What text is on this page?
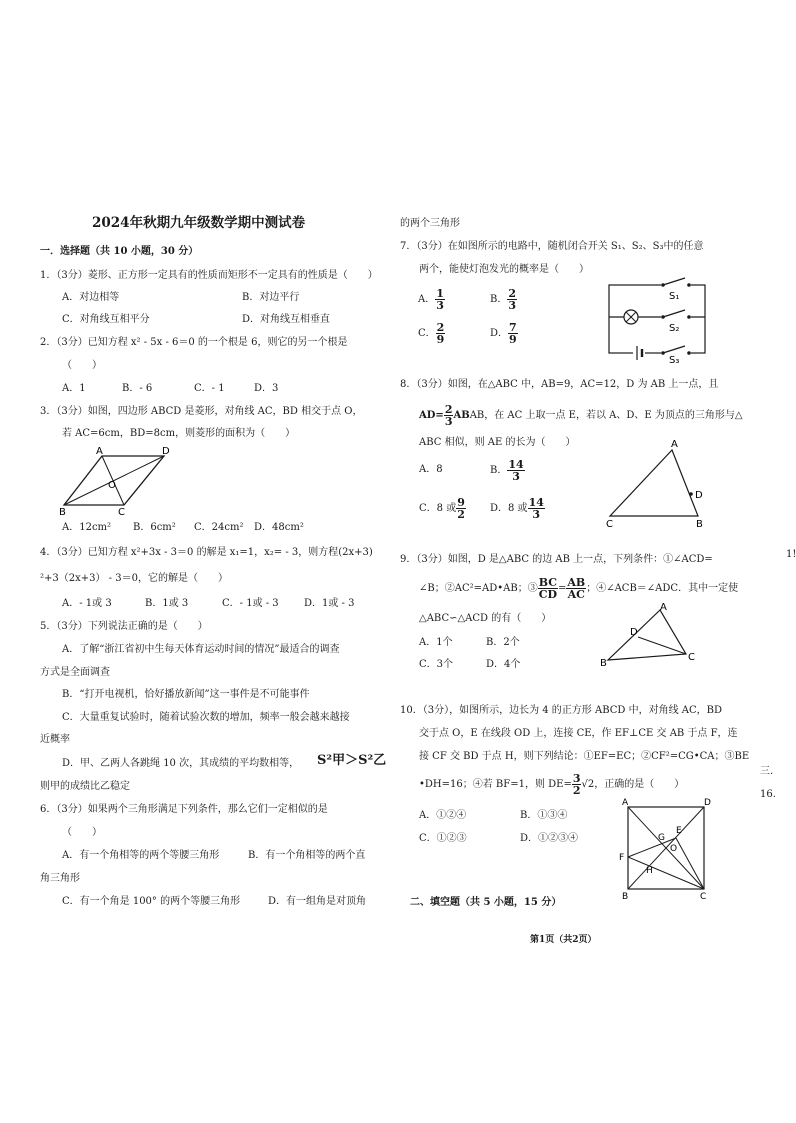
2024年秋期九年级数学期中测试卷
一．选择题（共 10 小题，30 分）
1．（3分）菱形、正方形一定具有的性质而矩形不一定具有的性质是（　　）
A．对边相等	B．对边平行
C．对角线互相平分	D．对角线互相垂直
2．（3分）已知方程 x² - 5x - 6＝0 的一个根是 6，则它的另一个根是
（　　）
A．1	B．- 6	C．- 1	D．3
3．（3分）如图，四边形 ABCD 是菱形，对角线 AC，BD 相交于点 O，
若 AC=6cm，BD=8cm，则菱形的面积为（　　）
A	D
O
B	C
A．12cm² B．6cm² C．24cm² D．48cm²
4．（3分）已知方程 x²+3x - 3＝0 的解是 x₁=1，x₂= - 3，则方程(2x+3)
²+3（2x+3） - 3＝0，它的解是（　　）
A．- 1或 3	B．1或 3	C．- 1或 - 3	D．1或 - 3
5．（3分）下列说法正确的是（　　）
A．了解“浙江省初中生每天体育运动时间的情况”最适合的调查
方式是全面调查
B．“打开电视机，恰好播放新闻”这一事件是不可能事件
C．大量重复试验时，随着试验次数的增加，频率一般会越来越接
近概率
D．甲、乙两人各跳绳 10 次，其成绩的平均数相等， S²甲＞S²乙
则甲的成绩比乙稳定
6．（3分）如果两个三角形满足下列条件，那么它们一定相似的是
（　　）
A．有一个角相等的两个等腰三角形	B．有一个角相等的两个直
角三角形
C．有一个角是 100° 的两个等腰三角形	D．有一组角是对顶角
的两个三角形
7．（3分）在如图所示的电路中，随机闭合开关 S₁、S₂、S₃中的任意
两个，能使灯泡发光的概率是（　　）
A． $\frac{1}{3}$	B． $\frac{2}{3}$
C． $\frac{2}{9}$	D． $\frac{7}{9}$
S₁
S₂
S₃
8．（3分）如图，在△ABC 中，AB=9，AC=12，D 为 AB 上一点，且
$AD= \frac{2}{3}$ ABAB，在 AC 上取一点 E，若以 A、D、E 为顶点的三角形与△
ABC 相似，则 AE 的长为（　　）
A．8	B． $\frac{14}{3}$
C．8 或 $\frac{9}{2}$ D．8 或 $\frac{14}{3}$
A
D
C	B
9．（3分）如图，D 是△ABC 的边 AB 上一点，下列条件：①∠ACD=
∠B；②AC²=AD•AB；③ $\frac{BC}{CD} = \frac{AB}{AC}$ ；④∠ACB＝∠ADC．其中一定使
△ABC∽△ACD 的有（　　）
A．1个	B．2个
C．3个	D．4个
A
D
B
C
10．（3分），如图所示，边长为 4 的正方形 ABCD 中，对角线 AC，BD
交于点 O，E 在线段 OD 上，连接 CE，作 EF⊥CE 交 AB 于点 F，连
接 CF 交 BD 于点 H，则下列结论：①EF=EC；②CF²=CG•CA；③BE
•DH=16；④若 BF=1，则 $DE= \frac{3}{2} √2$，正确的是（　　）
A．①②④	B．①③④
C．①②③	D．①②③④
A	D
G
E
O
F
H
B	C
二、填空题（共 5 小题，15 分）
第1页（共2页）
1!
三.
16.
